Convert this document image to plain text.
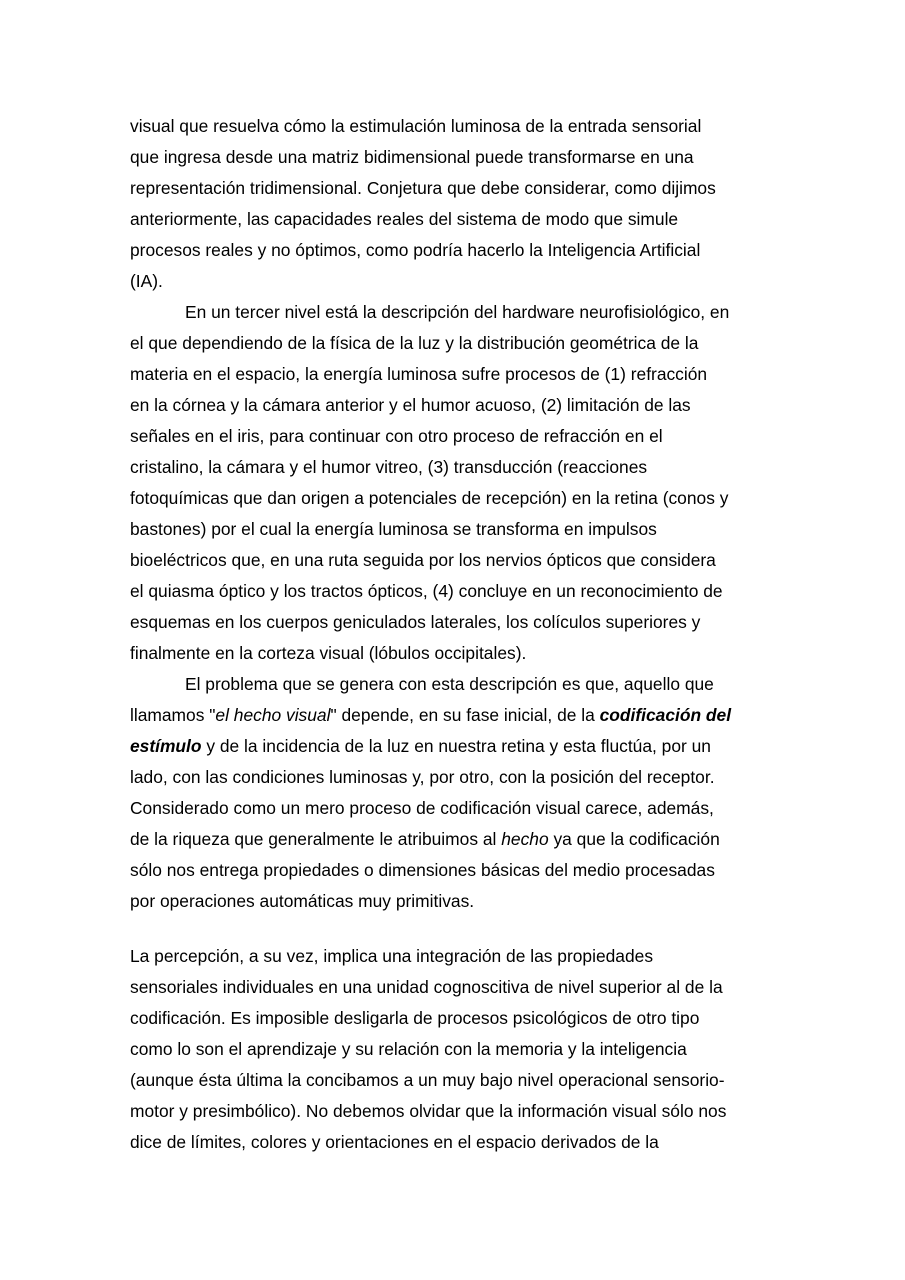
visual que resuelva cómo la estimulación luminosa de la entrada sensorial
que ingresa desde una matriz bidimensional puede transformarse en una
representación tridimensional. Conjetura que debe considerar, como dijimos
anteriormente, las capacidades reales del sistema de modo que simule
procesos reales y no óptimos, como podría hacerlo la Inteligencia Artificial
(IA).
En un tercer nivel está la descripción del hardware neurofisiológico, en
el que dependiendo de la física de la luz y la distribución geométrica de la
materia en el espacio, la energía luminosa sufre procesos de (1) refracción
en la córnea y la cámara anterior y el humor acuoso, (2) limitación de las
señales en el iris, para continuar con otro proceso de refracción en el
cristalino, la cámara y el humor vitreo, (3) transducción (reacciones
fotoquímicas que dan origen a potenciales de recepción) en la retina (conos y
bastones) por el cual la energía luminosa se transforma en impulsos
bioeléctricos que, en una ruta seguida por los nervios ópticos que considera
el quiasma óptico y los tractos ópticos, (4) concluye en un reconocimiento de
esquemas en los cuerpos geniculados laterales, los colículos superiores y
finalmente en la corteza visual (lóbulos occipitales).
El problema que se genera con esta descripción es que, aquello que
llamamos "el hecho visual" depende, en su fase inicial, de la codificación del
estímulo y de la incidencia de la luz en nuestra retina y esta fluctúa, por un
lado, con las condiciones luminosas y, por otro, con la posición del receptor.
Considerado como un mero proceso de codificación visual carece, además,
de la riqueza que generalmente le atribuimos al hecho ya que la codificación
sólo nos entrega propiedades o dimensiones básicas del medio procesadas
por operaciones automáticas muy primitivas.
La percepción, a su vez, implica una integración de las propiedades
sensoriales individuales en una unidad cognoscitiva de nivel superior al de la
codificación. Es imposible desligarla de procesos psicológicos de otro tipo
como lo son el aprendizaje y su relación con la memoria y la inteligencia
(aunque ésta última la concibamos a un muy bajo nivel operacional sensorio-
motor y presimbólico). No debemos olvidar que la información visual sólo nos
dice de límites, colores y orientaciones en el espacio derivados de la
